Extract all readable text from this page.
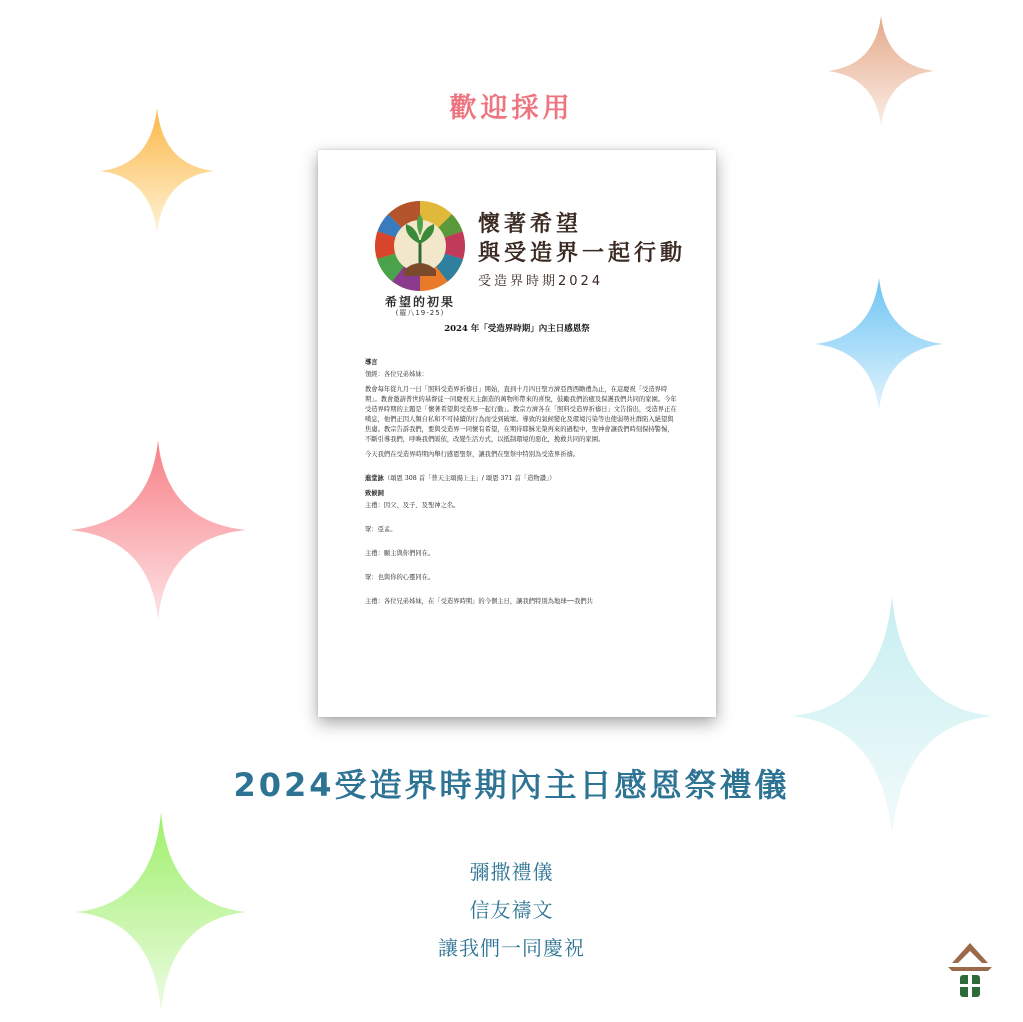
歡迎採用
希望的初果
(羅八19-25)
懷著希望
與受造界一起行動
受造界時期2024
2024 年「受造界時期」內主日感恩祭

導言

領經：各位兄弟姊妹：

教會每年從九月一日「照料受造界祈禱日」開始，直到十月四日聖方濟亞西西瞻禮為止，在這慶祝「受造界時期」。教會邀請普世的基督徒一同慶祝天主創造的萬物所帶來的喜悅，鼓勵我們治癒及保護我們共同的家園。今年受造界時期的主題是「懷著希望與受造界一起行動」。教宗方濟各在「照料受造界祈禱日」文告指出，受造界正在嘆息，他們正因人類自私和不可持續的行為而受到破壞。導致的氣候變化及環境污染等也使弱勢社群陷入絕望與焦慮。教宗告訴我們，要與受造界一同懷有希望，在期待耶穌光榮再來的過程中，聖神會讓我們時刻保持警惕，不斷引導我們，呼喚我們皈依，改變生活方式，以抵制環境的惡化，挽救共同的家園。

今天我們在受造界時期內舉行感恩聖祭，讓我們在聖祭中特別為受造界祈禱。

進堂詠（頌恩 308 首「普天主頌揚上主」/ 頌恩 371 首「造物讚」）

致候詞

主禮：因父、及子、及聖神之名。

眾：亞孟。

主禮：願主與你們同在。

眾：也與你的心靈同在。

主禮：各位兄弟姊妹，在「受造界時期」的今個主日，讓我們特別為地球──我們共

2024受造界時期內主日感恩祭禮儀
彌撒禮儀
信友禱文
讓我們一同慶祝
